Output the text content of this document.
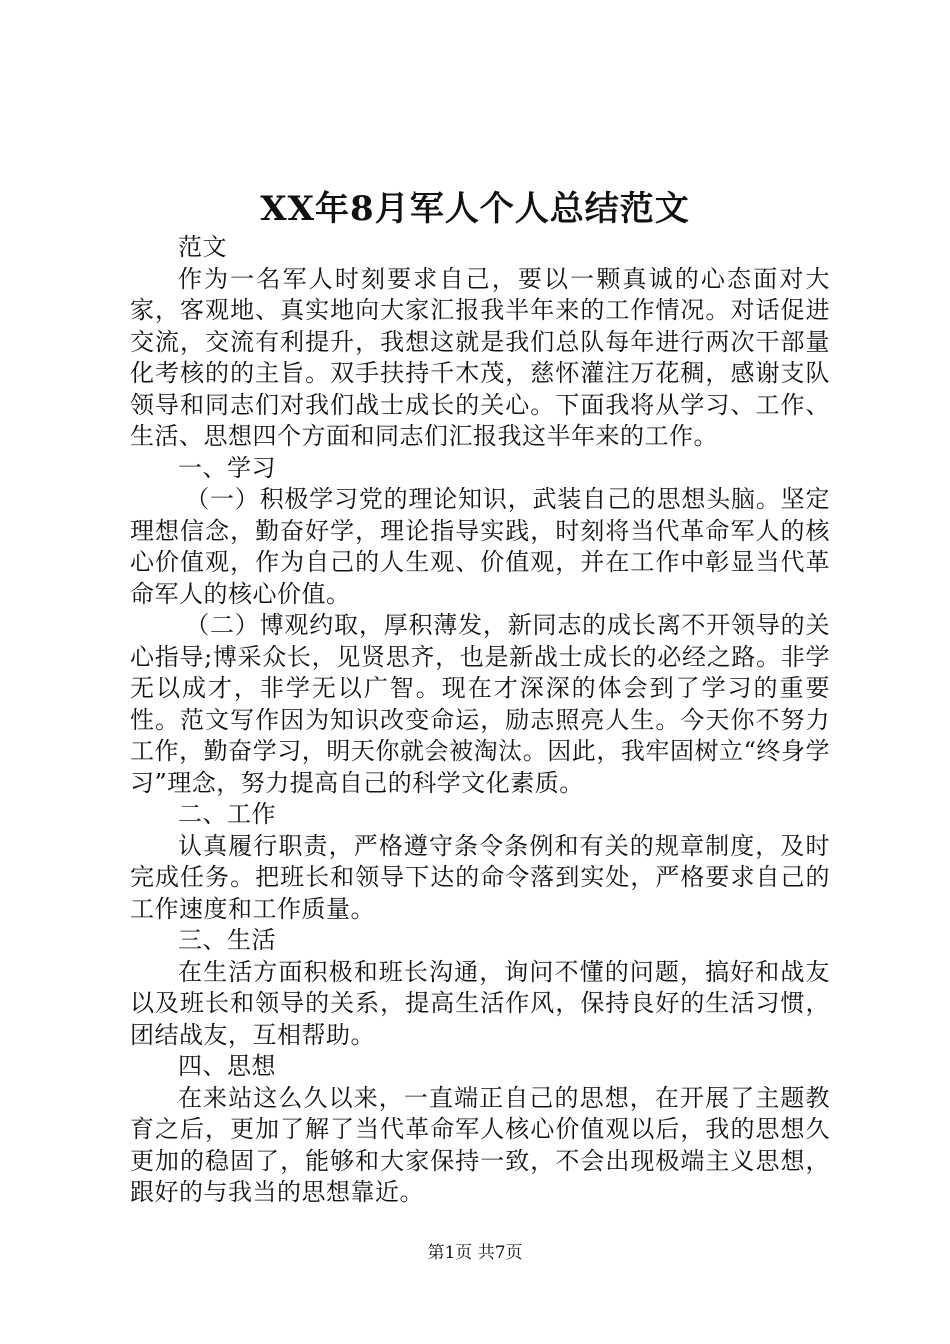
XX年8月军人个人总结范文

范文

作为一名军人时刻要求自己，要以一颗真诚的心态面对大家，客观地、真实地向大家汇报我半年来的工作情况。对话促进交流，交流有利提升，我想这就是我们总队每年进行两次干部量化考核的的主旨。双手扶持千木茂，慈怀灌注万花稠，感谢支队领导和同志们对我们战士成长的关心。下面我将从学习、工作、生活、思想四个方面和同志们汇报我这半年来的工作。

一、学习

（一）积极学习党的理论知识，武装自己的思想头脑。坚定理想信念，勤奋好学，理论指导实践，时刻将当代革命军人的核心价值观，作为自己的人生观、价值观，并在工作中彰显当代革命军人的核心价值。

（二）博观约取，厚积薄发，新同志的成长离不开领导的关心指导;博采众长，见贤思齐，也是新战士成长的必经之路。非学无以成才，非学无以广智。现在才深深的体会到了学习的重要性。范文写作因为知识改变命运，励志照亮人生。今天你不努力工作，勤奋学习，明天你就会被淘汰。因此，我牢固树立“终身学习”理念，努力提高自己的科学文化素质。

二、工作

认真履行职责，严格遵守条令条例和有关的规章制度，及时完成任务。把班长和领导下达的命令落到实处，严格要求自己的工作速度和工作质量。

三、生活

在生活方面积极和班长沟通，询问不懂的问题，搞好和战友以及班长和领导的关系，提高生活作风，保持良好的生活习惯，团结战友，互相帮助。

四、思想

在来站这么久以来，一直端正自己的思想，在开展了主题教育之后，更加了解了当代革命军人核心价值观以后，我的思想久更加的稳固了，能够和大家保持一致，不会出现极端主义思想，跟好的与我当的思想靠近。

第1页 共7页
